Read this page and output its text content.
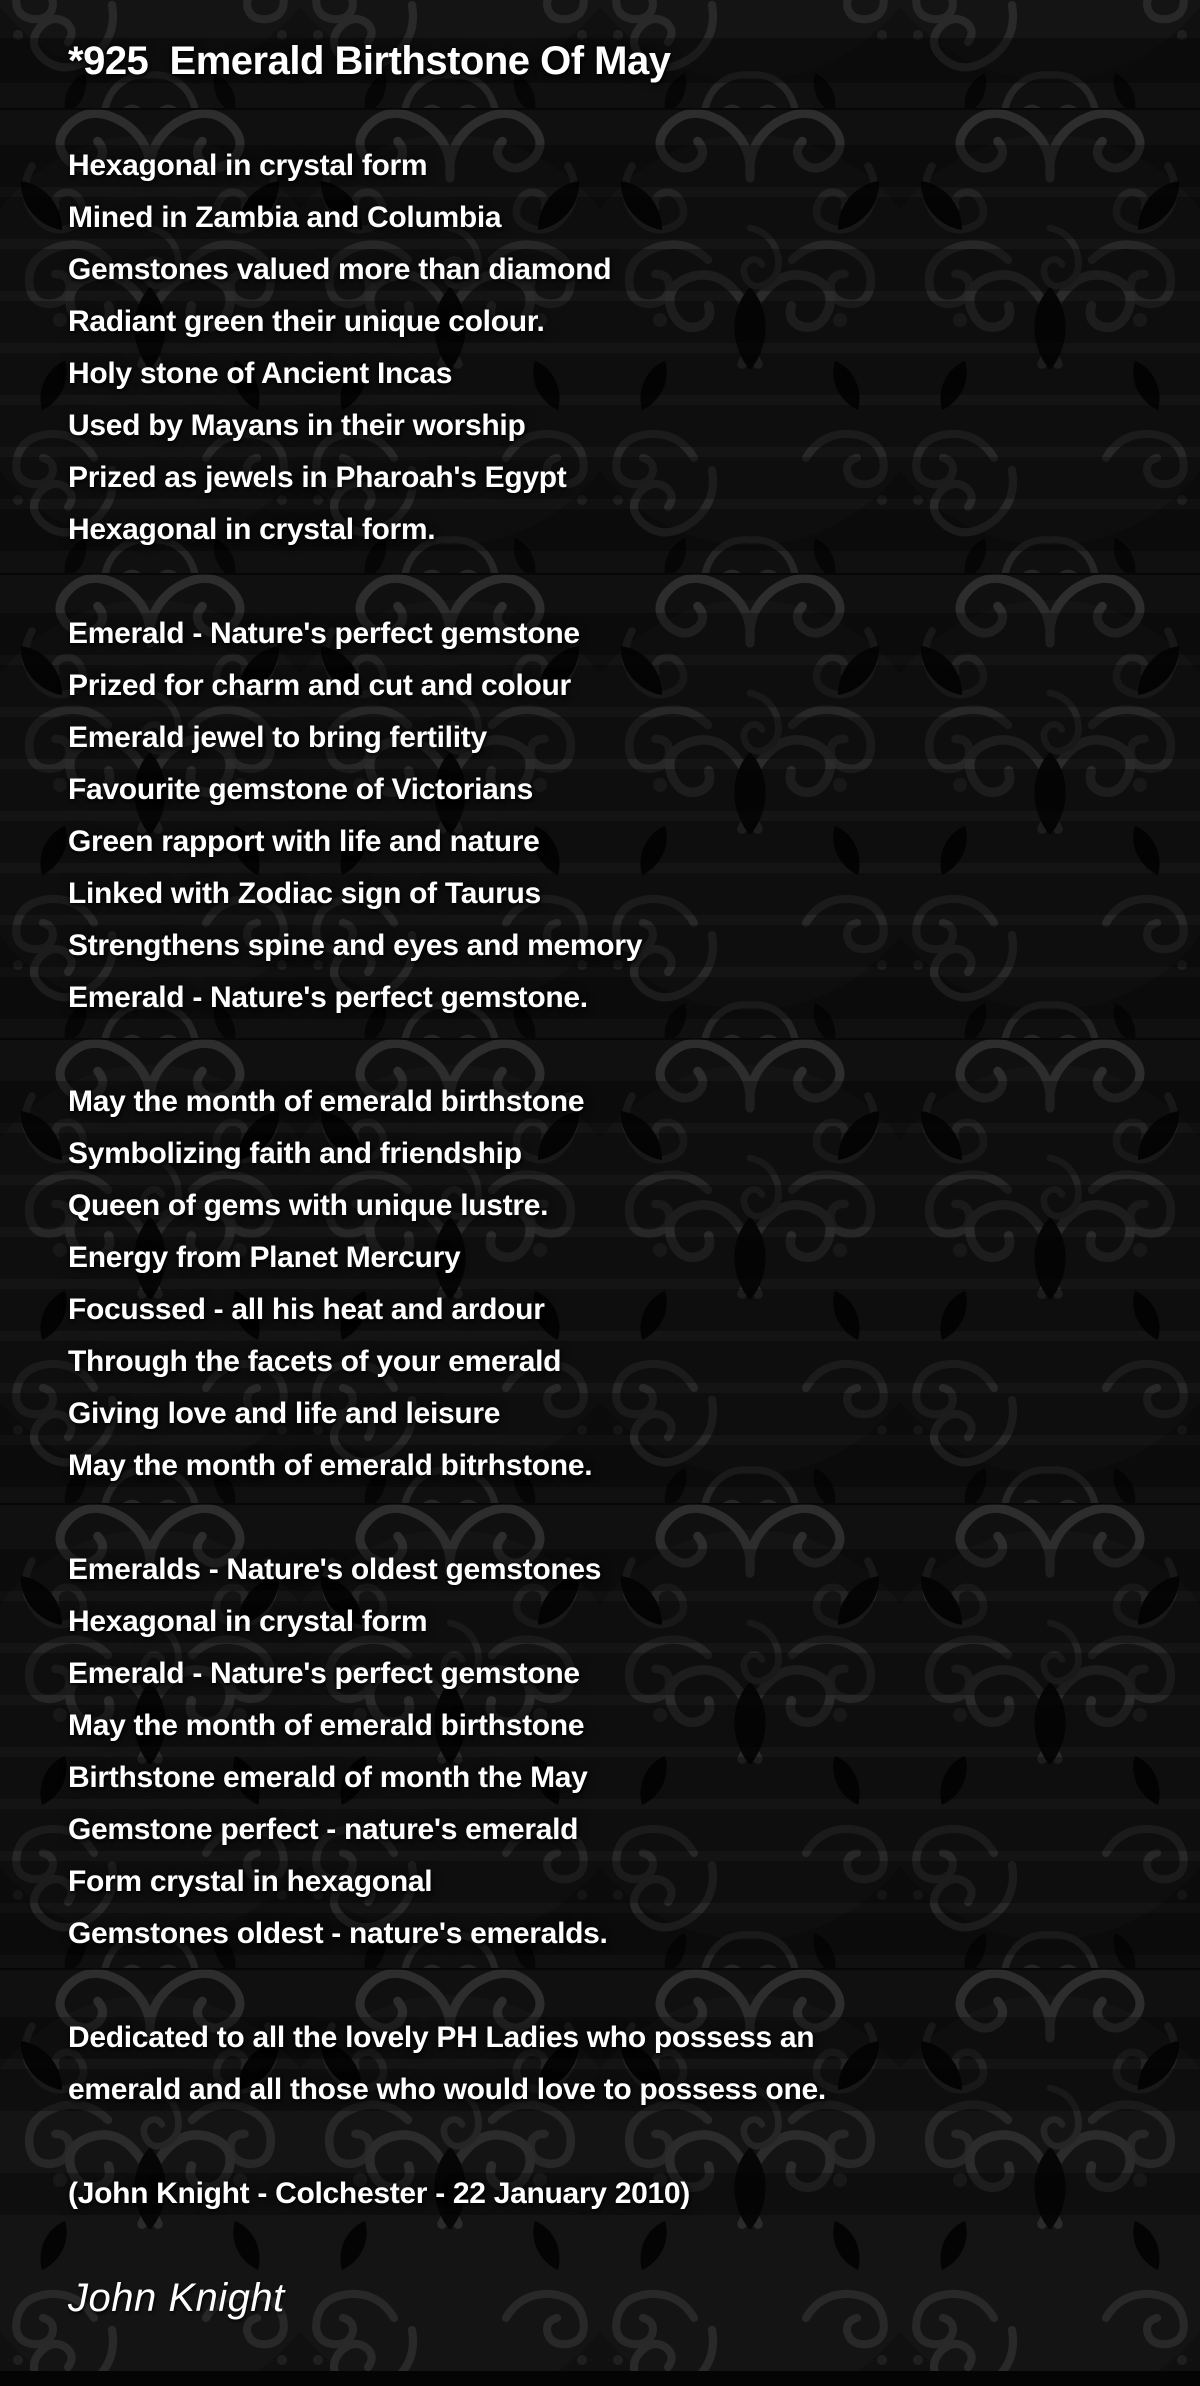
*925  Emerald Birthstone Of May
Hexagonal in crystal form
Mined in Zambia and Columbia
Gemstones valued more than diamond
Radiant green their unique colour.
Holy stone of Ancient Incas
Used by Mayans in their worship
Prized as jewels in Pharoah's Egypt
Hexagonal in crystal form.
Emerald - Nature's perfect gemstone
Prized for charm and cut and colour
Emerald jewel to bring fertility
Favourite gemstone of Victorians
Green rapport with life and nature
Linked with Zodiac sign of Taurus
Strengthens spine and eyes and memory
Emerald - Nature's perfect gemstone.
May the month of emerald birthstone
Symbolizing faith and friendship
Queen of gems with unique lustre.
Energy from Planet Mercury
Focussed - all his heat and ardour
Through the facets of your emerald
Giving love and life and leisure
May the month of emerald bitrhstone.
Emeralds - Nature's oldest gemstones
Hexagonal in crystal form
Emerald - Nature's perfect gemstone
May the month of emerald birthstone
Birthstone emerald of month the May
Gemstone perfect - nature's emerald
Form crystal in hexagonal
Gemstones oldest - nature's emeralds.
Dedicated to all the lovely PH Ladies who possess an
emerald and all those who would love to possess one.
(John Knight - Colchester - 22 January 2010)
John Knight
